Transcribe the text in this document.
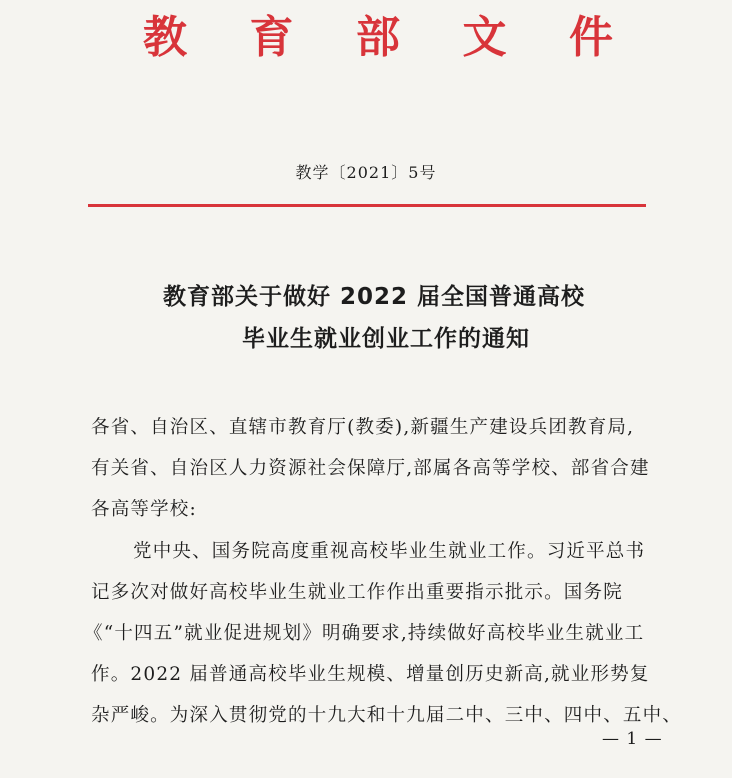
教 育 部 文 件
教学〔2021〕5号
教育部关于做好 2022 届全国普通高校
毕业生就业创业工作的通知
各省、自治区、直辖市教育厅(教委),新疆生产建设兵团教育局,
有关省、自治区人力资源社会保障厅,部属各高等学校、部省合建
各高等学校:
党中央、国务院高度重视高校毕业生就业工作。习近平总书
记多次对做好高校毕业生就业工作作出重要指示批示。国务院
《“十四五”就业促进规划》明确要求,持续做好高校毕业生就业工
作。2022 届普通高校毕业生规模、增量创历史新高,就业形势复
杂严峻。为深入贯彻党的十九大和十九届二中、三中、四中、五中、
— 1 —
